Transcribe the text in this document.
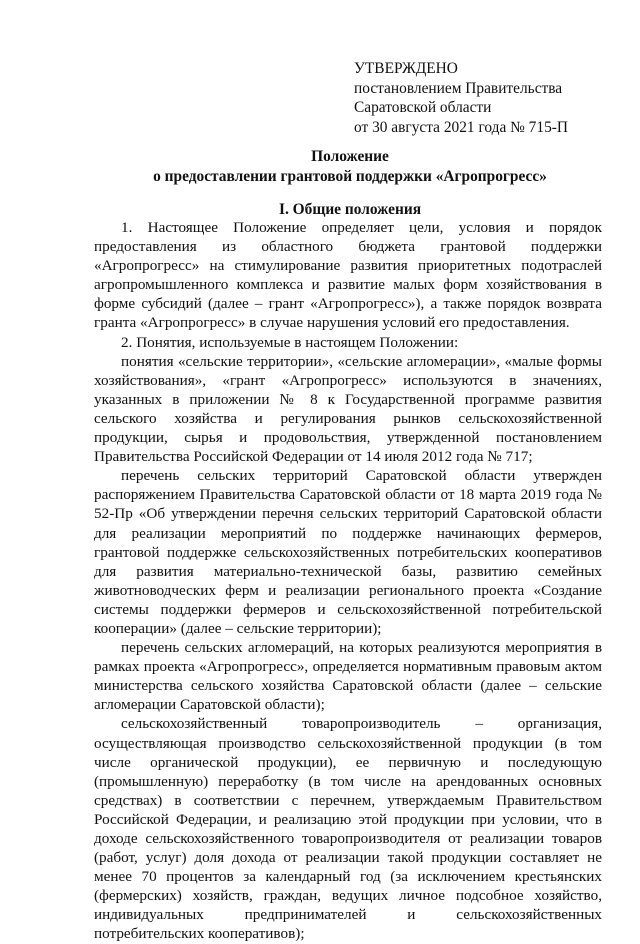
УТВЕРЖДЕНО
постановлением Правительства
Саратовской области
от 30 августа 2021 года № 715-П
Положение
о предоставлении грантовой поддержки «Агропрогресс»
I. Общие положения

1. Настоящее Положение определяет цели, условия и порядок предоставления из областного бюджета грантовой поддержки «Агропрогресс» на стимулирование развития приоритетных подотраслей агропромышленного комплекса и развитие малых форм хозяйствования в форме субсидий (далее – грант «Агропрогресс»), а также порядок возврата гранта «Агропрогресс» в случае нарушения условий его предоставления.

2. Понятия, используемые в настоящем Положении:

понятия «сельские территории», «сельские агломерации», «малые формы хозяйствования», «грант «Агропрогресс» используются в значениях, указанных в приложении № 8 к Государственной программе развития сельского хозяйства и регулирования рынков сельскохозяйственной продукции, сырья и продовольствия, утвержденной постановлением Правительства Российской Федерации от 14 июля 2012 года № 717;

перечень сельских территорий Саратовской области утвержден распоряжением Правительства Саратовской области от 18 марта 2019 года № 52-Пр «Об утверждении перечня сельских территорий Саратовской области для реализации мероприятий по поддержке начинающих фермеров, грантовой поддержке сельскохозяйственных потребительских кооперативов для развития материально-технической базы, развитию семейных животноводческих ферм и реализации регионального проекта «Создание системы поддержки фермеров и сельскохозяйственной потребительской кооперации» (далее – сельские территории);

перечень сельских агломераций, на которых реализуются мероприятия в рамках проекта «Агропрогресс», определяется нормативным правовым актом министерства сельского хозяйства Саратовской области (далее – сельские агломерации Саратовской области);

сельскохозяйственный товаропроизводитель – организация, осуществляющая производство сельскохозяйственной продукции (в том числе органической продукции), ее первичную и последующую (промышленную) переработку (в том числе на арендованных основных средствах) в соответствии с перечнем, утверждаемым Правительством Российской Федерации, и реализацию этой продукции при условии, что в доходе сельскохозяйственного товаропроизводителя от реализации товаров (работ, услуг) доля дохода от реализации такой продукции составляет не менее 70 процентов за календарный год (за исключением крестьянских (фермерских) хозяйств, граждан, ведущих личное подсобное хозяйство, индивидуальных предпринимателей и сельскохозяйственных потребительских кооперативов);
